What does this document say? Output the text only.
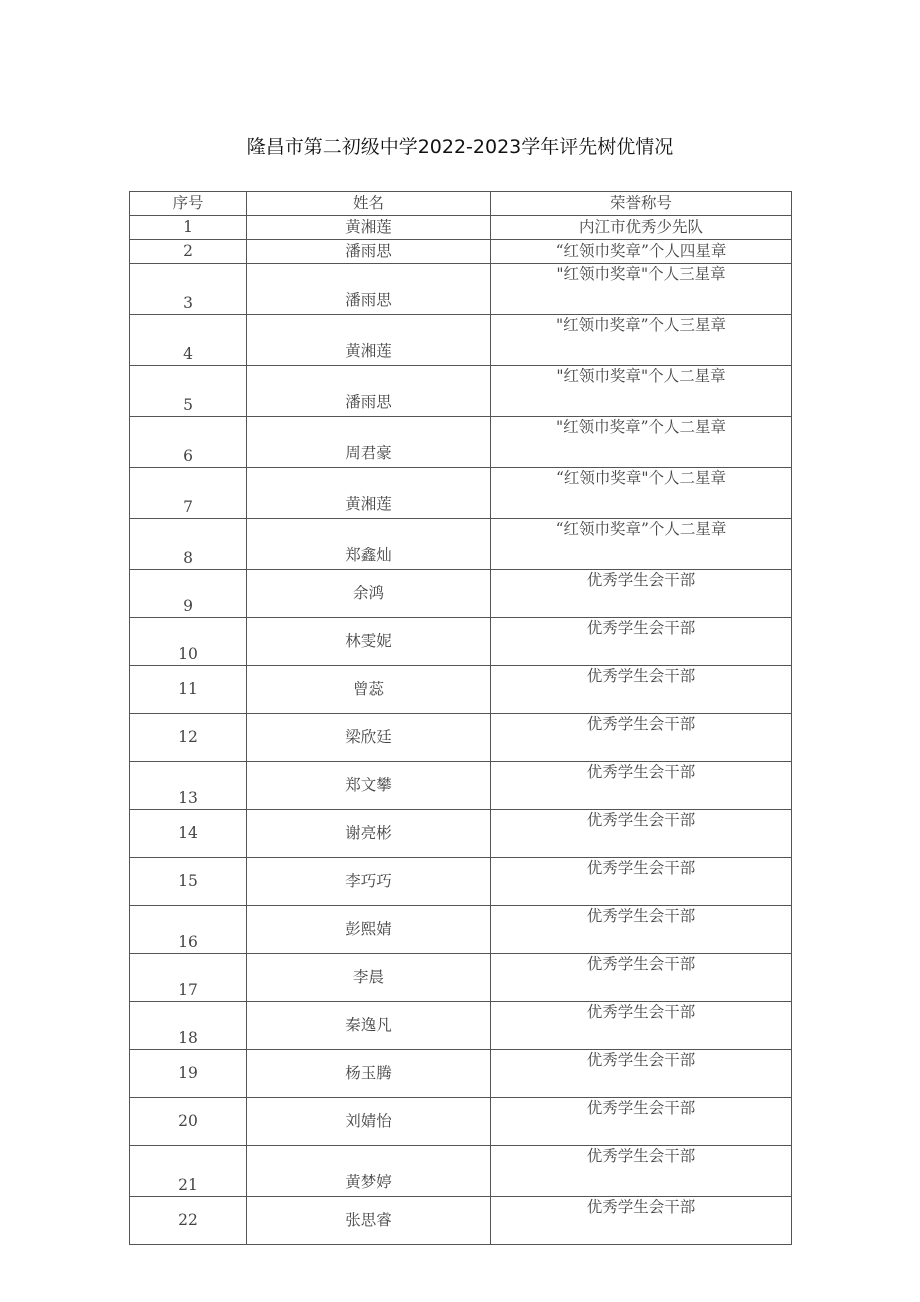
隆昌市第二初级中学2022-2023学年评先树优情况
序号	姓名	荣誉称号
1	黄湘莲	内江市优秀少先队
2	潘雨思	“红领巾奖章”个人四星章
3	潘雨思	"红领巾奖章"个人三星章
4	黄湘莲	"红领巾奖章”个人三星章
5	潘雨思	"红领巾奖章"个人二星章
6	周君豪	"红领巾奖章”个人二星章
7	黄湘莲	“红领巾奖章"个人二星章
8	郑鑫灿	“红领巾奖章”个人二星章
9	余鸿	优秀学生会干部
10	林雯妮	优秀学生会干部
11	曾蕊	优秀学生会干部
12	梁欣廷	优秀学生会干部
13	郑文攀	优秀学生会干部
14	谢亮彬	优秀学生会干部
15	李巧巧	优秀学生会干部
16	彭熙婧	优秀学生会干部
17	李晨	优秀学生会干部
18	秦逸凡	优秀学生会干部
19	杨玉腾	优秀学生会干部
20	刘婧怡	优秀学生会干部
21	黄梦婷	优秀学生会干部
22	张思睿	优秀学生会干部
